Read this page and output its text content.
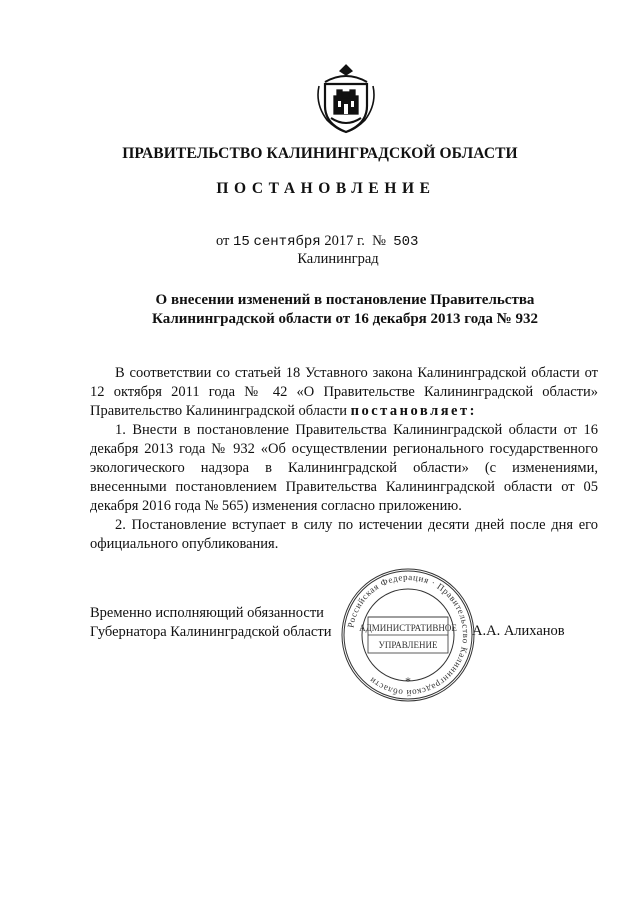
ПРАВИТЕЛЬСТВО КАЛИНИНГРАДСКОЙ ОБЛАСТИ
ПОСТАНОВЛЕНИЕ
от 15 сентября 2017 г. № 503
Калининград
О внесении изменений в постановление Правительства
Калининградской области от 16 декабря 2013 года № 932
В соответствии со статьей 18 Уставного закона Калининградской области от 12 октября 2011 года № 42 «О Правительстве Калининградской области» Правительство Калининградской области постановляет:
1. Внести в постановление Правительства Калининградской области от 16 декабря 2013 года № 932 «Об осуществлении регионального государственного экологического надзора в Калининградской области» (с изменениями, внесенными постановлением Правительства Калининградской области от 05 декабря 2016 года № 565) изменения согласно приложению.
2. Постановление вступает в силу по истечении десяти дней после дня его официального опубликования.
Временно исполняющий обязанности
Губернатора Калининградской области	А.А. Алиханов
Российская Федерация · Правительство Калининградской области
АДМИНИСТРАТИВНОЕ
УПРАВЛЕНИЕ
*
